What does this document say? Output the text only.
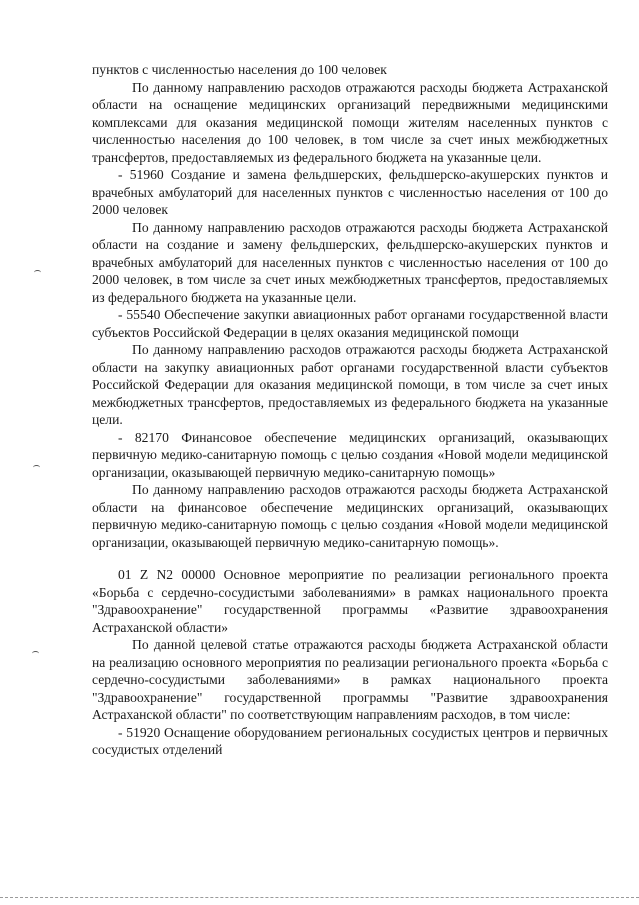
пунктов с численностью населения до 100 человек

По данному направлению расходов отражаются расходы бюджета Астраханской области на оснащение медицинских организаций передвижными медицинскими комплексами для оказания медицинской помощи жителям населенных пунктов с численностью населения до 100 человек, в том числе за счет иных межбюджетных трансфертов, предоставляемых из федерального бюджета на указанные цели.

- 51960 Создание и замена фельдшерских, фельдшерско-акушерских пунктов и врачебных амбулаторий для населенных пунктов с численностью населения от 100 до 2000 человек

По данному направлению расходов отражаются расходы бюджета Астраханской области на создание и замену фельдшерских, фельдшерско-акушерских пунктов и врачебных амбулаторий для населенных пунктов с численностью населения от 100 до 2000 человек, в том числе за счет иных межбюджетных трансфертов, предоставляемых из федерального бюджета на указанные цели.

- 55540 Обеспечение закупки авиационных работ органами государственной власти субъектов Российской Федерации в целях оказания медицинской помощи

По данному направлению расходов отражаются расходы бюджета Астраханской области на закупку авиационных работ органами государственной власти субъектов Российской Федерации для оказания медицинской помощи, в том числе за счет иных межбюджетных трансфертов, предоставляемых из федерального бюджета на указанные цели.

- 82170 Финансовое обеспечение медицинских организаций, оказывающих первичную медико-санитарную помощь с целью создания «Новой модели медицинской организации, оказывающей первичную медико-санитарную помощь»

По данному направлению расходов отражаются расходы бюджета Астраханской области на финансовое обеспечение медицинских организаций, оказывающих первичную медико-санитарную помощь с целью создания «Новой модели медицинской организации, оказывающей первичную медико-санитарную помощь».

01 Z N2 00000 Основное мероприятие по реализации регионального проекта «Борьба с сердечно-сосудистыми заболеваниями» в рамках национального проекта "Здравоохранение" государственной программы «Развитие здравоохранения Астраханской области»

По данной целевой статье отражаются расходы бюджета Астраханской области на реализацию основного мероприятия по реализации регионального проекта «Борьба с сердечно-сосудистыми заболеваниями» в рамках национального проекта "Здравоохранение" государственной программы "Развитие здравоохранения Астраханской области" по соответствующим направлениям расходов, в том числе:

- 51920 Оснащение оборудованием региональных сосудистых центров и первичных сосудистых отделений
